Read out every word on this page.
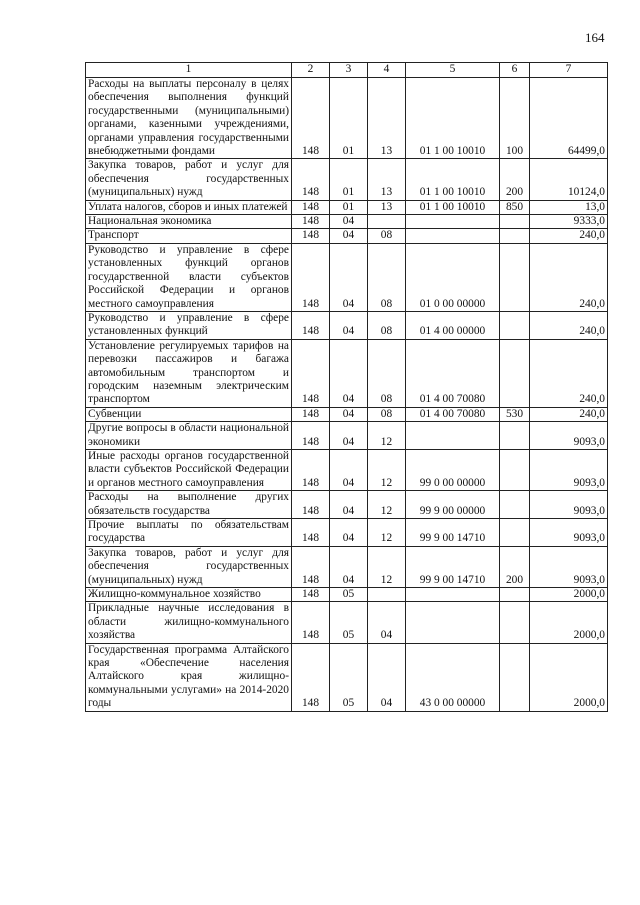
164
1	2	3	4	5	6	7
Расходы на выплаты персоналу в целях обеспечения выполнения функций государственными (муниципальными) органами, казенными учреждениями, органами управления государственными внебюджетными фондами	148	01	13	01 1 00 10010	100	64499,0
Закупка товаров, работ и услуг для обеспечения государственных (муниципальных) нужд	148	01	13	01 1 00 10010	200	10124,0
Уплата налогов, сборов и иных платежей	148	01	13	01 1 00 10010	850	13,0
Национальная экономика	148	04				9333,0
Транспорт	148	04	08			240,0
Руководство и управление в сфере установленных функций органов государственной власти субъектов Российской Федерации и органов местного самоуправления	148	04	08	01 0 00 00000		240,0
Руководство и управление в сфере установленных функций	148	04	08	01 4 00 00000		240,0
Установление регулируемых тарифов на перевозки пассажиров и багажа автомобильным транспортом и городским наземным электрическим транспортом	148	04	08	01 4 00 70080		240,0
Субвенции	148	04	08	01 4 00 70080	530	240,0
Другие вопросы в области национальной экономики	148	04	12			9093,0
Иные расходы органов государственной власти субъектов Российской Федерации и органов местного самоуправления	148	04	12	99 0 00 00000		9093,0
Расходы на выполнение других обязательств государства	148	04	12	99 9 00 00000		9093,0
Прочие выплаты по обязательствам государства	148	04	12	99 9 00 14710		9093,0
Закупка товаров, работ и услуг для обеспечения государственных (муниципальных) нужд	148	04	12	99 9 00 14710	200	9093,0
Жилищно-коммунальное хозяйство	148	05				2000,0
Прикладные научные исследования в области жилищно-коммунального хозяйства	148	05	04			2000,0
Государственная программа Алтайского края «Обеспечение населения Алтайского края жилищно-коммунальными услугами» на 2014-2020 годы	148	05	04	43 0 00 00000		2000,0
